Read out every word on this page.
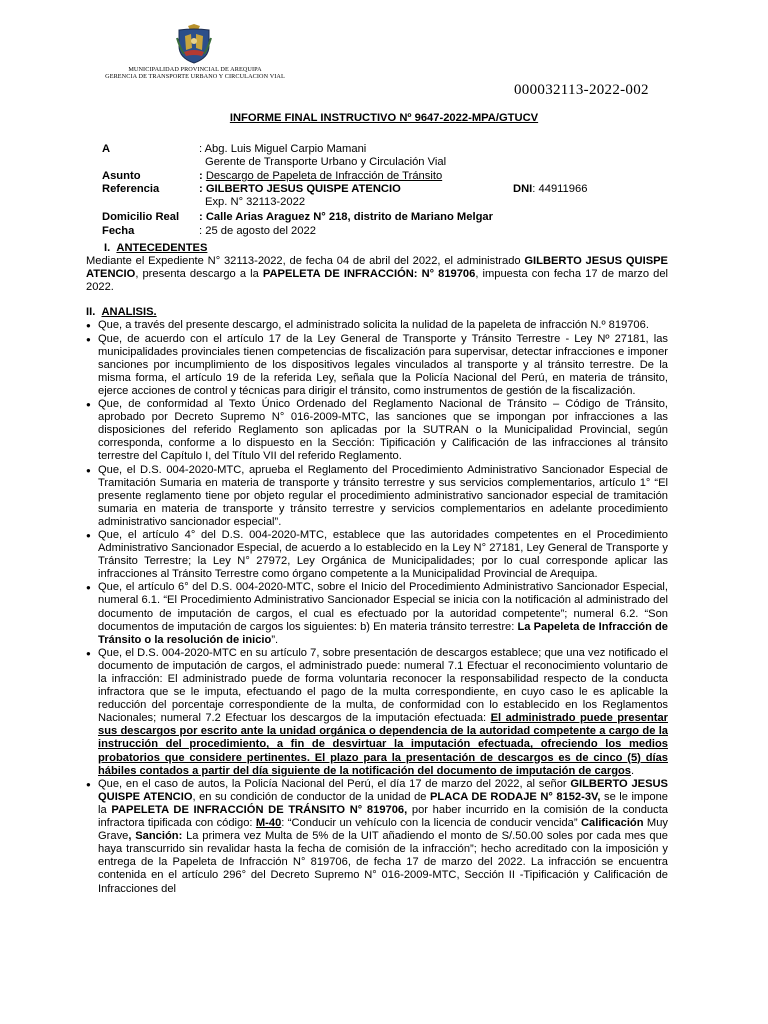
MUNICIPALIDAD PROVINCIAL DE AREQUIPA
GERENCIA DE TRANSPORTE URBANO Y CIRCULACION VIAL
000032113-2022-002
INFORME FINAL INSTRUCTIVO Nº 9647-2022-MPA/GTUCV
A	: Abg. Luis Miguel Carpio Mamani
Gerente de Transporte Urbano y Circulación Vial
Asunto	: Descargo de Papeleta de Infracción de Tránsito
Referencia	: GILBERTO JESUS QUISPE ATENCIO	DNI: 44911966
Exp. N° 32113-2022
Domicilio Real : Calle Arias Araguez N° 218, distrito de Mariano Melgar
Fecha	: 25 de agosto del 2022

I. ANTECEDENTES

Mediante el Expediente N° 32113-2022, de fecha 04 de abril del 2022, el administrado GILBERTO JESUS QUISPE ATENCIO, presenta descargo a la PAPELETA DE INFRACCIÓN: N° 819706, impuesta con fecha 17 de marzo del 2022.

II. ANALISIS.

● Que, a través del presente descargo, el administrado solicita la nulidad de la papeleta de infracción N.º 819706.
● Que, de acuerdo con el artículo 17 de la Ley General de Transporte y Tránsito Terrestre - Ley Nº 27181, las municipalidades provinciales tienen competencias de fiscalización para supervisar, detectar infracciones e imponer sanciones por incumplimiento de los dispositivos legales vinculados al transporte y al tránsito terrestre. De la misma forma, el artículo 19 de la referida Ley, señala que la Policía Nacional del Perú, en materia de tránsito, ejerce acciones de control y técnicas para dirigir el tránsito, como instrumentos de gestión de la fiscalización.
● Que, de conformidad al Texto Único Ordenado del Reglamento Nacional de Tránsito – Código de Tránsito, aprobado por Decreto Supremo N° 016-2009-MTC, las sanciones que se impongan por infracciones a las disposiciones del referido Reglamento son aplicadas por la SUTRAN o la Municipalidad Provincial, según corresponda, conforme a lo dispuesto en la Sección: Tipificación y Calificación de las infracciones al tránsito terrestre del Capítulo I, del Título VII del referido Reglamento.
● Que, el D.S. 004-2020-MTC, aprueba el Reglamento del Procedimiento Administrativo Sancionador Especial de Tramitación Sumaria en materia de transporte y tránsito terrestre y sus servicios complementarios, artículo 1° “El presente reglamento tiene por objeto regular el procedimiento administrativo sancionador especial de tramitación sumaria en materia de transporte y tránsito terrestre y servicios complementarios en adelante procedimiento administrativo sancionador especial”.
● Que, el artículo 4° del D.S. 004-2020-MTC, establece que las autoridades competentes en el Procedimiento Administrativo Sancionador Especial, de acuerdo a lo establecido en la Ley N° 27181, Ley General de Transporte y Tránsito Terrestre; la Ley N° 27972, Ley Orgánica de Municipalidades; por lo cual corresponde aplicar las infracciones al Tránsito Terrestre como órgano competente a la Municipalidad Provincial de Arequipa.
● Que, el artículo 6° del D.S. 004-2020-MTC, sobre el Inicio del Procedimiento Administrativo Sancionador Especial, numeral 6.1. “El Procedimiento Administrativo Sancionador Especial se inicia con la notificación al administrado del documento de imputación de cargos, el cual es efectuado por la autoridad competente”; numeral 6.2. “Son documentos de imputación de cargos los siguientes: b) En materia tránsito terrestre: La Papeleta de Infracción de Tránsito o la resolución de inicio”.
● Que, el D.S. 004-2020-MTC en su artículo 7, sobre presentación de descargos establece; que una vez notificado el documento de imputación de cargos, el administrado puede: numeral 7.1 Efectuar el reconocimiento voluntario de la infracción: El administrado puede de forma voluntaria reconocer la responsabilidad respecto de la conducta infractora que se le imputa, efectuando el pago de la multa correspondiente, en cuyo caso le es aplicable la reducción del porcentaje correspondiente de la multa, de conformidad con lo establecido en los Reglamentos Nacionales; numeral 7.2 Efectuar los descargos de la imputación efectuada: El administrado puede presentar sus descargos por escrito ante la unidad orgánica o dependencia de la autoridad competente a cargo de la instrucción del procedimiento, a fin de desvirtuar la imputación efectuada, ofreciendo los medios probatorios que considere pertinentes. El plazo para la presentación de descargos es de cinco (5) días hábiles contados a partir del día siguiente de la notificación del documento de imputación de cargos.
● Que, en el caso de autos, la Policía Nacional del Perú, el día 17 de marzo del 2022, al señor GILBERTO JESUS QUISPE ATENCIO, en su condición de conductor de la unidad de PLACA DE RODAJE N° 8152-3V, se le impone la PAPELETA DE INFRACCIÓN DE TRÁNSITO N° 819706, por haber incurrido en la comisión de la conducta infractora tipificada con código: M-40: “Conducir un vehículo con la licencia de conducir vencida” Calificación Muy Grave, Sanción: La primera vez Multa de 5% de la UIT añadiendo el monto de S/.50.00 soles por cada mes que haya transcurrido sin revalidar hasta la fecha de comisión de la infracción”; hecho acreditado con la imposición y entrega de la Papeleta de Infracción N° 819706, de fecha 17 de marzo del 2022. La infracción se encuentra contenida en el artículo 296° del Decreto Supremo N° 016-2009-MTC, Sección II -Tipificación y Calificación de Infracciones del
